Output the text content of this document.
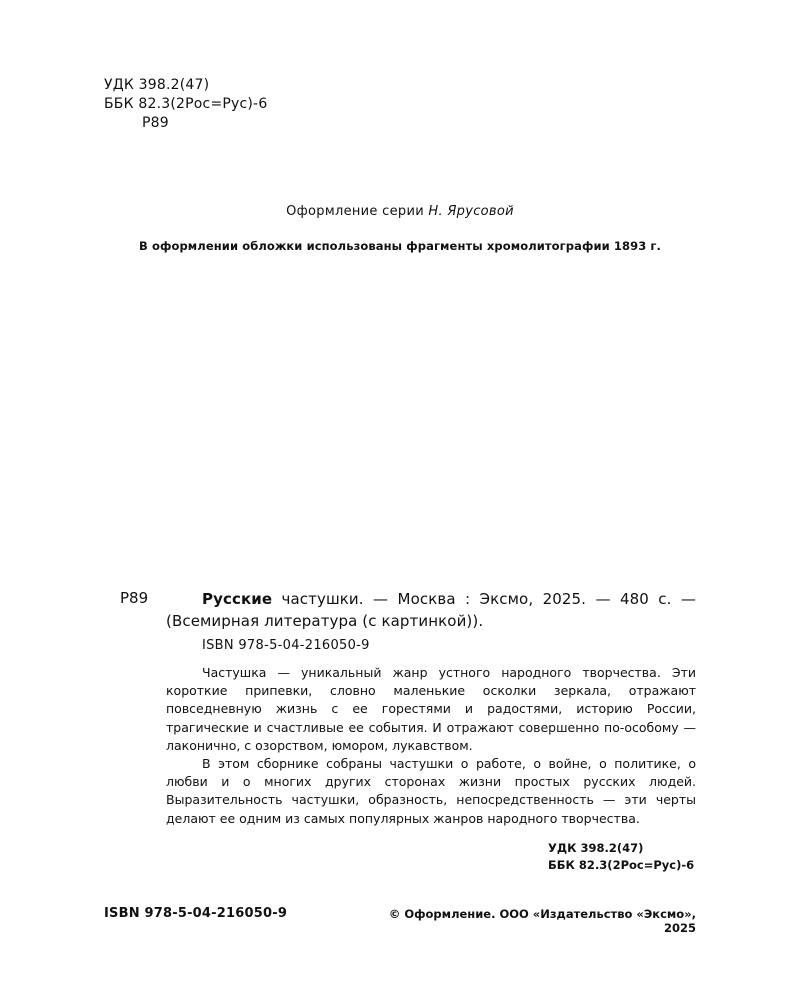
УДК 398.2(47)
ББК 82.3(2Рос=Рус)-6
Р89
Оформление серии Н. Ярусовой
В оформлении обложки использованы фрагменты хромолитографии 1893 г.
Р89	Русские частушки. — Москва : Эксмо, 2025. — 480 с. —
(Всемирная литература (с картинкой)).
ISBN 978-5-04-216050-9

Частушка — уникальный жанр устного народного творчества. Эти короткие припевки, словно маленькие осколки зеркала, отражают повседневную жизнь с ее горестями и радостями, историю России, трагические и счастливые ее события. И отражают совершенно по-особому — лаконично, с озорством, юмором, лукавством.

В этом сборнике собраны частушки о работе, о войне, о политике, о любви и о многих других сторонах жизни простых русских людей. Выразительность частушки, образность, непосредственность — эти черты делают ее одним из самых популярных жанров народного творчества.

УДК 398.2(47)
ББК 82.3(2Рос=Рус)-6
ISBN 978-5-04-216050-9	© Оформление. ООО «Издательство «Эксмо», 2025
